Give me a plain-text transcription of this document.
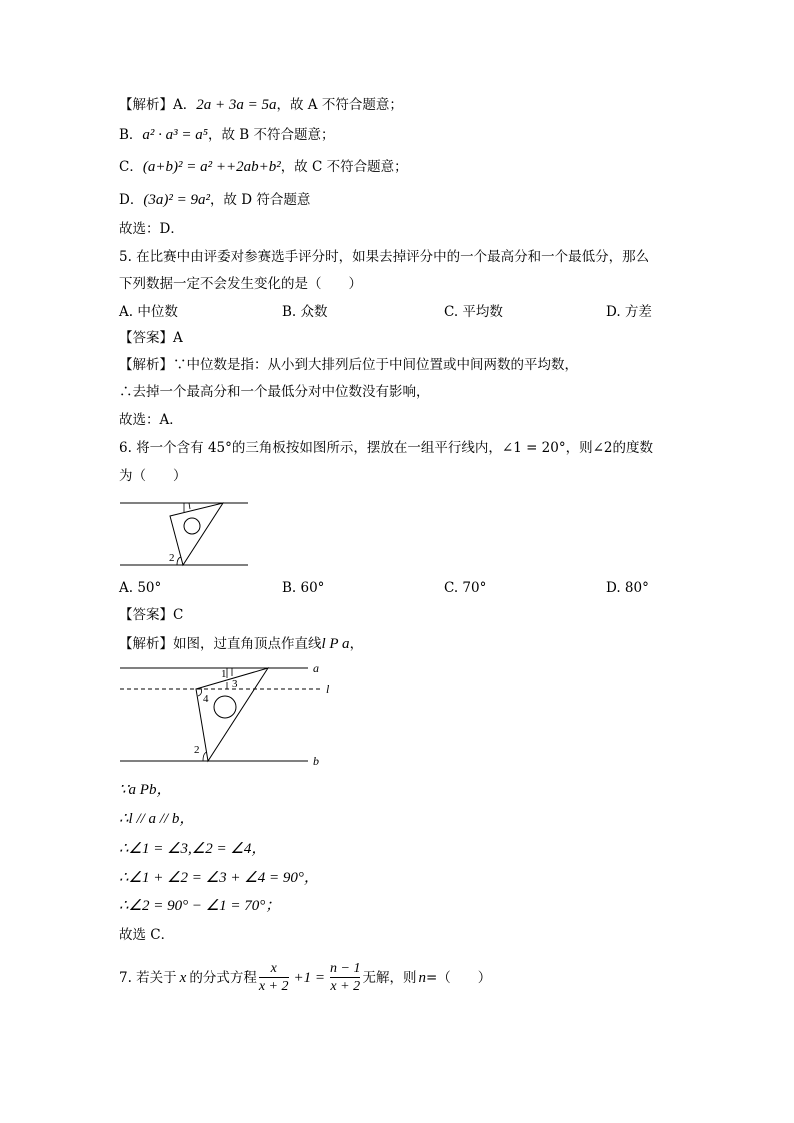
【解析】A．2a + 3a = 5a，故 A 不符合题意；
B．a² · a³ = a⁵，故 B 不符合题意；
C．(a+b)² = a² ++2ab+b²，故 C 不符合题意；
D．(3a)² = 9a²，故 D 符合题意
故选：D．
5. 在比赛中由评委对参赛选手评分时，如果去掉评分中的一个最高分和一个最低分，那么
下列数据一定不会发生变化的是（　　）
A. 中位数	B. 众数	C. 平均数	D. 方差
【答案】A
【解析】∵中位数是指：从小到大排列后位于中间位置或中间两数的平均数，
∴去掉一个最高分和一个最低分对中位数没有影响，
故选：A．
6. 将一个含有 45°的三角板按如图所示，摆放在一组平行线内，∠1 = 20°，则∠2的度数
为（　　）
2
A. 50°	B. 60°	C. 70°	D. 80°
【答案】C
【解析】如图，过直角顶点作直线l P a，
a
l
b
1
3
4
2
∵a Pb，
∴l // a // b，
∴∠1 = ∠3,∠2 = ∠4，
∴∠1 + ∠2 = ∠3 + ∠4 = 90°，
∴∠2 = 90° − ∠1 = 70°；
故选 C．
7. 若关于 x 的分式方程
x
x + 2
+1 =
n − 1
x + 2
无解，则 n =（　　）
